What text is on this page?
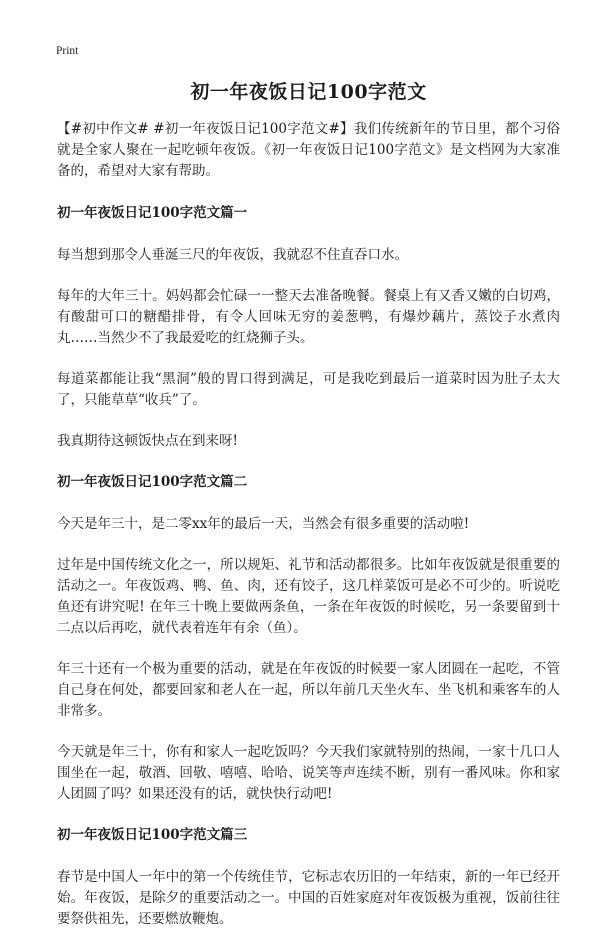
Print
初一年夜饭日记100字范文

【#初中作文# #初一年夜饭日记100字范文#】我们传统新年的节日里，都个习俗就是全家人聚在一起吃顿年夜饭。《初一年夜饭日记100字范文》是文档网为大家准备的，希望对大家有帮助。

初一年夜饭日记100字范文篇一

每当想到那令人垂涎三尺的年夜饭，我就忍不住直吞口水。

每年的大年三十。妈妈都会忙碌一一整天去准备晚餐。餐桌上有又香又嫩的白切鸡，有酸甜可口的糖醋排骨，有令人回味无穷的姜葱鸭，有爆炒藕片，蒸饺子水煮肉丸……当然少不了我最爱吃的红烧狮子头。

每道菜都能让我“黑洞”般的胃口得到满足，可是我吃到最后一道菜时因为肚子太大了，只能草草“收兵”了。

我真期待这顿饭快点在到来呀!

初一年夜饭日记100字范文篇二

今天是年三十，是二零xx年的最后一天，当然会有很多重要的活动啦!

过年是中国传统文化之一，所以规矩、礼节和活动都很多。比如年夜饭就是很重要的活动之一。年夜饭鸡、鸭、鱼、肉，还有饺子，这几样菜饭可是必不可少的。听说吃鱼还有讲究呢! 在年三十晚上要做两条鱼，一条在年夜饭的时候吃，另一条要留到十二点以后再吃，就代表着连年有余（鱼）。

年三十还有一个极为重要的活动，就是在年夜饭的时候要一家人团圆在一起吃，不管自己身在何处，都要回家和老人在一起，所以年前几天坐火车、坐飞机和乘客车的人非常多。

今天就是年三十，你有和家人一起吃饭吗？今天我们家就特别的热闹，一家十几口人围坐在一起，敬酒、回敬、嘻嘻、哈哈、说笑等声连续不断，别有一番风味。你和家人团圆了吗？如果还没有的话，就快快行动吧!

初一年夜饭日记100字范文篇三

春节是中国人一年中的第一个传统佳节，它标志农历旧的一年结束，新的一年已经开始。年夜饭，是除夕的重要活动之一。中国的百姓家庭对年夜饭极为重视，饭前往往要祭供祖先，还要燃放鞭炮。
